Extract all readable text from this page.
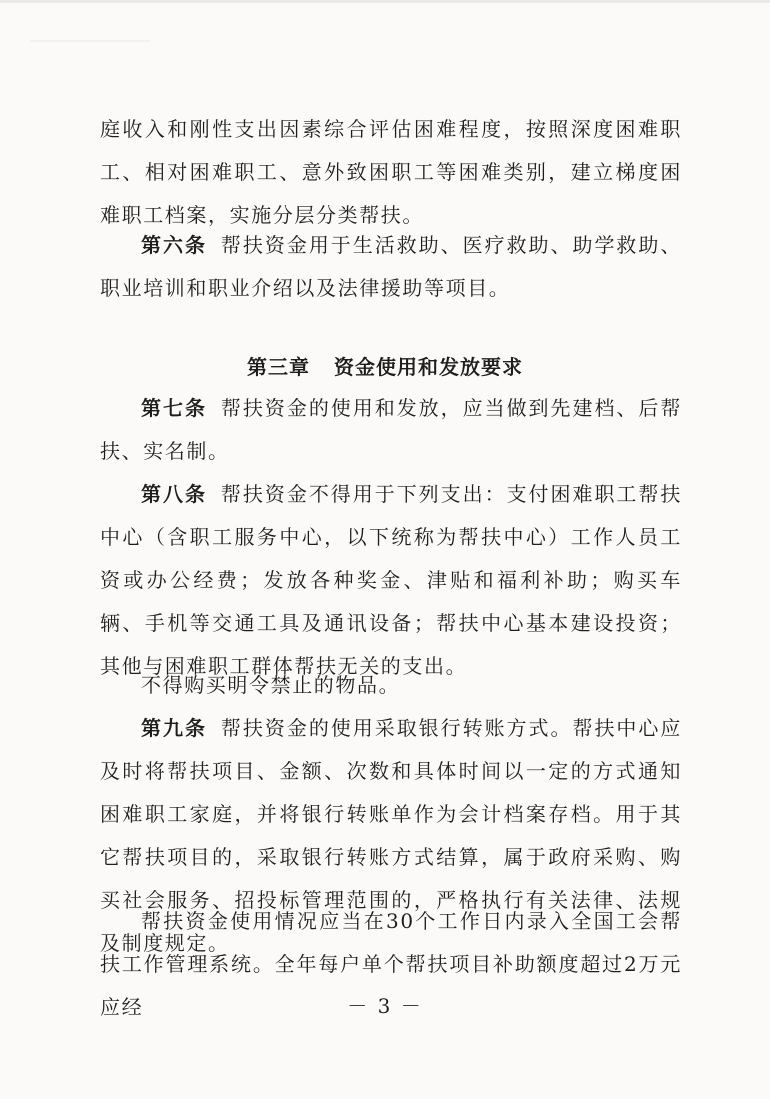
庭收入和刚性支出因素综合评估困难程度，按照深度困难职工、相对困难职工、意外致困职工等困难类别，建立梯度困难职工档案，实施分层分类帮扶。

第六条 帮扶资金用于生活救助、医疗救助、助学救助、职业培训和职业介绍以及法律援助等项目。

第三章 资金使用和发放要求

第七条 帮扶资金的使用和发放，应当做到先建档、后帮扶、实名制。

第八条 帮扶资金不得用于下列支出：支付困难职工帮扶中心（含职工服务中心，以下统称为帮扶中心）工作人员工资或办公经费；发放各种奖金、津贴和福利补助；购买车辆、手机等交通工具及通讯设备；帮扶中心基本建设投资；其他与困难职工群体帮扶无关的支出。

不得购买明令禁止的物品。

第九条 帮扶资金的使用采取银行转账方式。帮扶中心应及时将帮扶项目、金额、次数和具体时间以一定的方式通知困难职工家庭，并将银行转账单作为会计档案存档。用于其它帮扶项目的，采取银行转账方式结算，属于政府采购、购买社会服务、招投标管理范围的，严格执行有关法律、法规及制度规定。

帮扶资金使用情况应当在30个工作日内录入全国工会帮扶工作管理系统。全年每户单个帮扶项目补助额度超过2万元应经	－ 3 －
